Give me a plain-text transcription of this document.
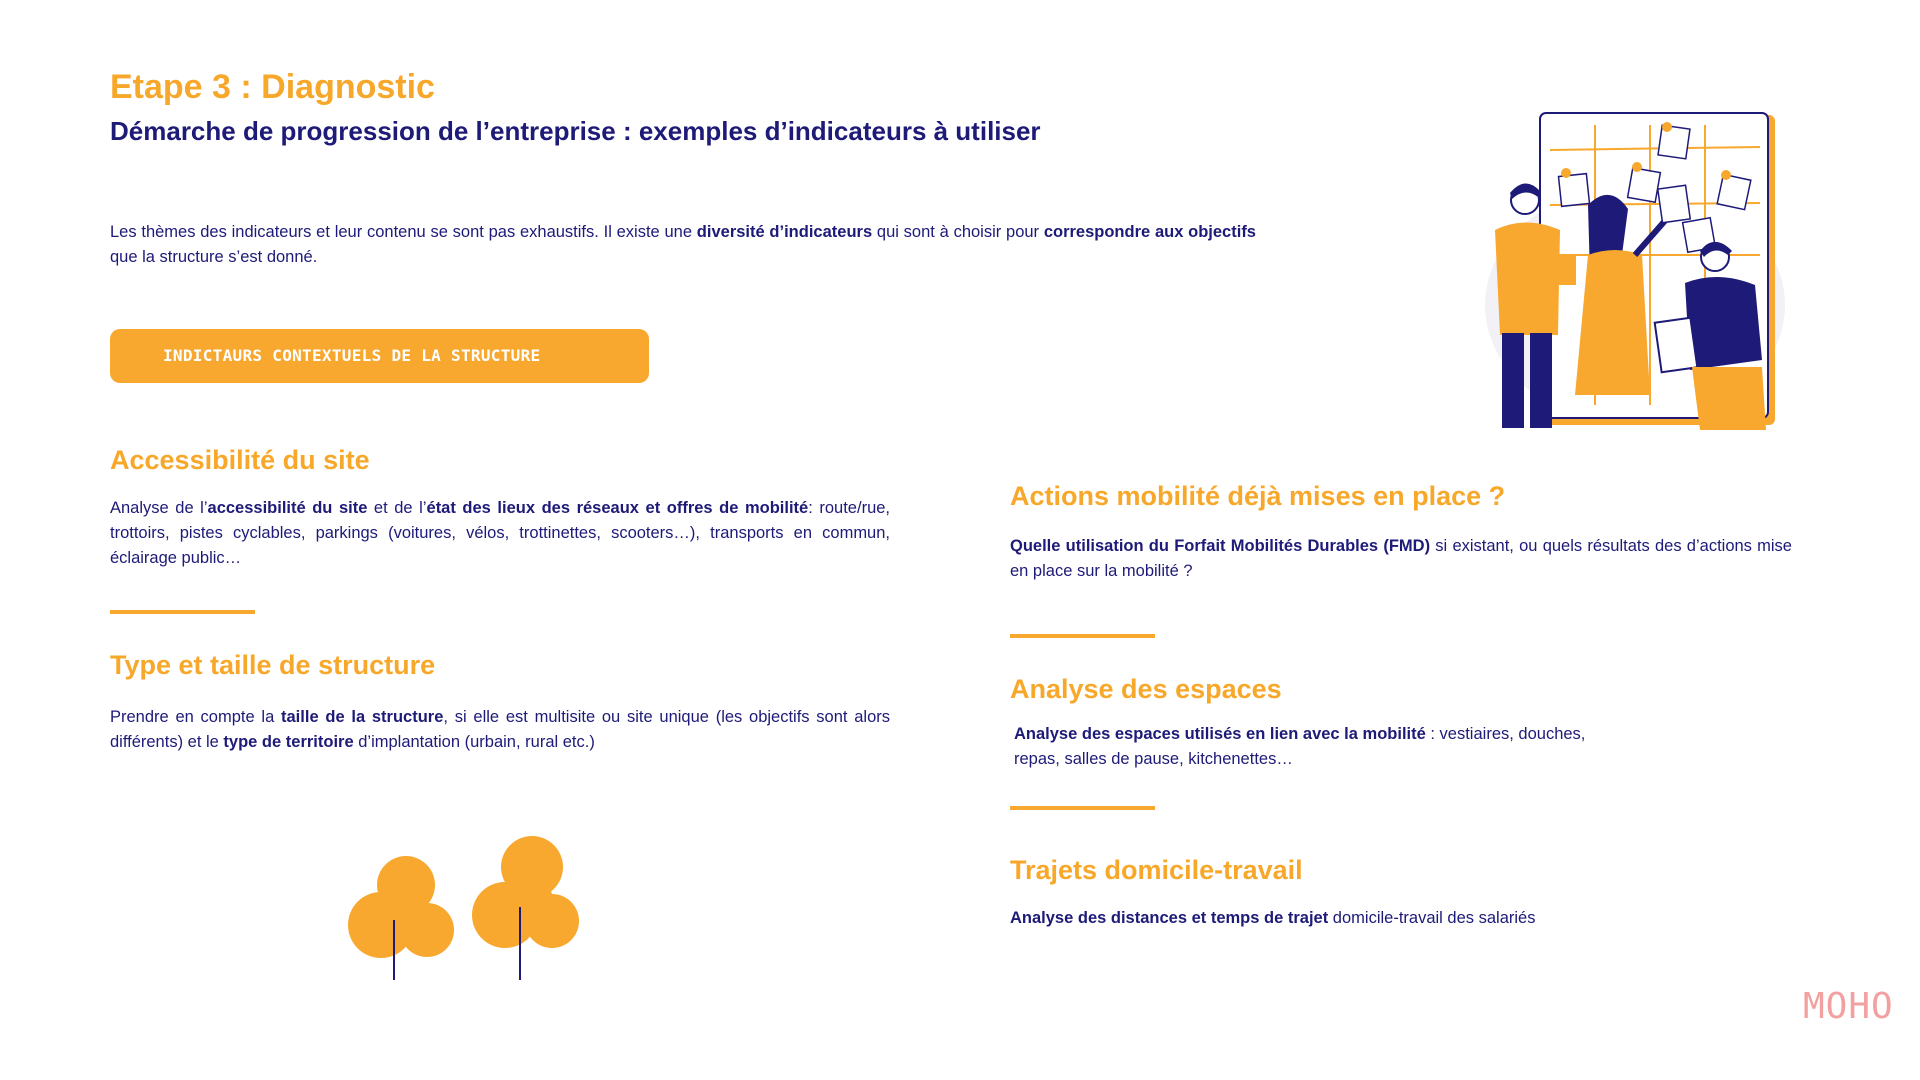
Etape 3 : Diagnostic
Démarche de progression de l’entreprise : exemples d’indicateurs à utiliser

Les thèmes des indicateurs et leur contenu se sont pas exhaustifs. Il existe une diversité d’indicateurs qui sont à choisir pour correspondre aux objectifs que la structure s’est donné.

INDICTAURS CONTEXTUELS DE LA STRUCTURE
Accessibilité du site

Analyse de l’accessibilité du site et de l’état des lieux des réseaux et offres de mobilité: route/rue, trottoirs, pistes cyclables, parkings (voitures, vélos, trottinettes, scooters…), transports en commun, éclairage public…

Type et taille de structure

Prendre en compte la taille de la structure, si elle est multisite ou site unique (les objectifs sont alors différents) et le type de territoire d’implantation (urbain, rural etc.)

Actions mobilité déjà mises en place ?

Quelle utilisation du Forfait Mobilités Durables (FMD) si existant, ou quels résultats des d’actions mise en place sur la mobilité ?

Analyse des espaces

Analyse des espaces utilisés en lien avec la mobilité : vestiaires, douches,
repas, salles de pause, kitchenettes…

Trajets domicile-travail

Analyse des distances et temps de trajet domicile-travail des salariés

MOHO
